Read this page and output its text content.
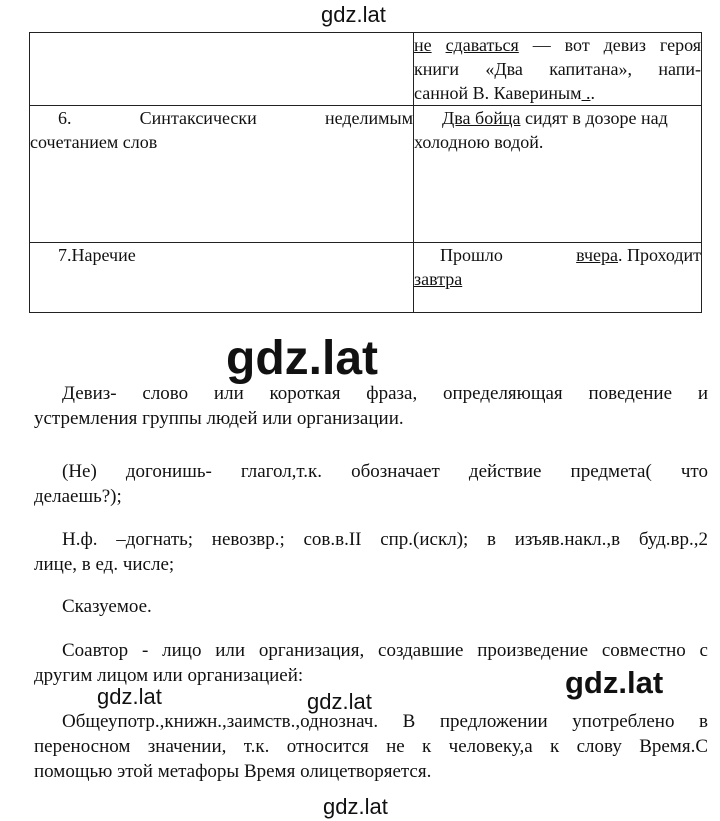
gdz.lat

	не сдаваться — вот девиз героя
книги «Два капитана», напи-
санной В. Кавериным ..

6. Синтаксически неделимым
сочетанием слов	Два бойца сидят в дозоре над
холодною водой.

7.Наречие	Прошло вчера. Проходит
завтра
gdz.lat

Девиз- слово или короткая фраза, определяющая поведение и
устремления группы людей или организации.

(Не) догонишь- глагол,т.к. обозначает действие предмета( что
делаешь?);

Н.ф. –догнать; невозвр.; сов.в.II спр.(искл); в изъяв.накл.,в буд.вр.,2
лице, в ед. числе;

Сказуемое.

Соавтор - лицо или организация, создавшие произведение совместно с
другим лицом или организацией:	gdz.lat
gdz.lat	gdz.lat

Общеупотр.,книжн.,заимств.,однознач. В предложении употреблено в
переносном значении, т.к. относится не к человеку,а к слову Время.С
помощью этой метафоры Время олицетворяется.

gdz.lat
